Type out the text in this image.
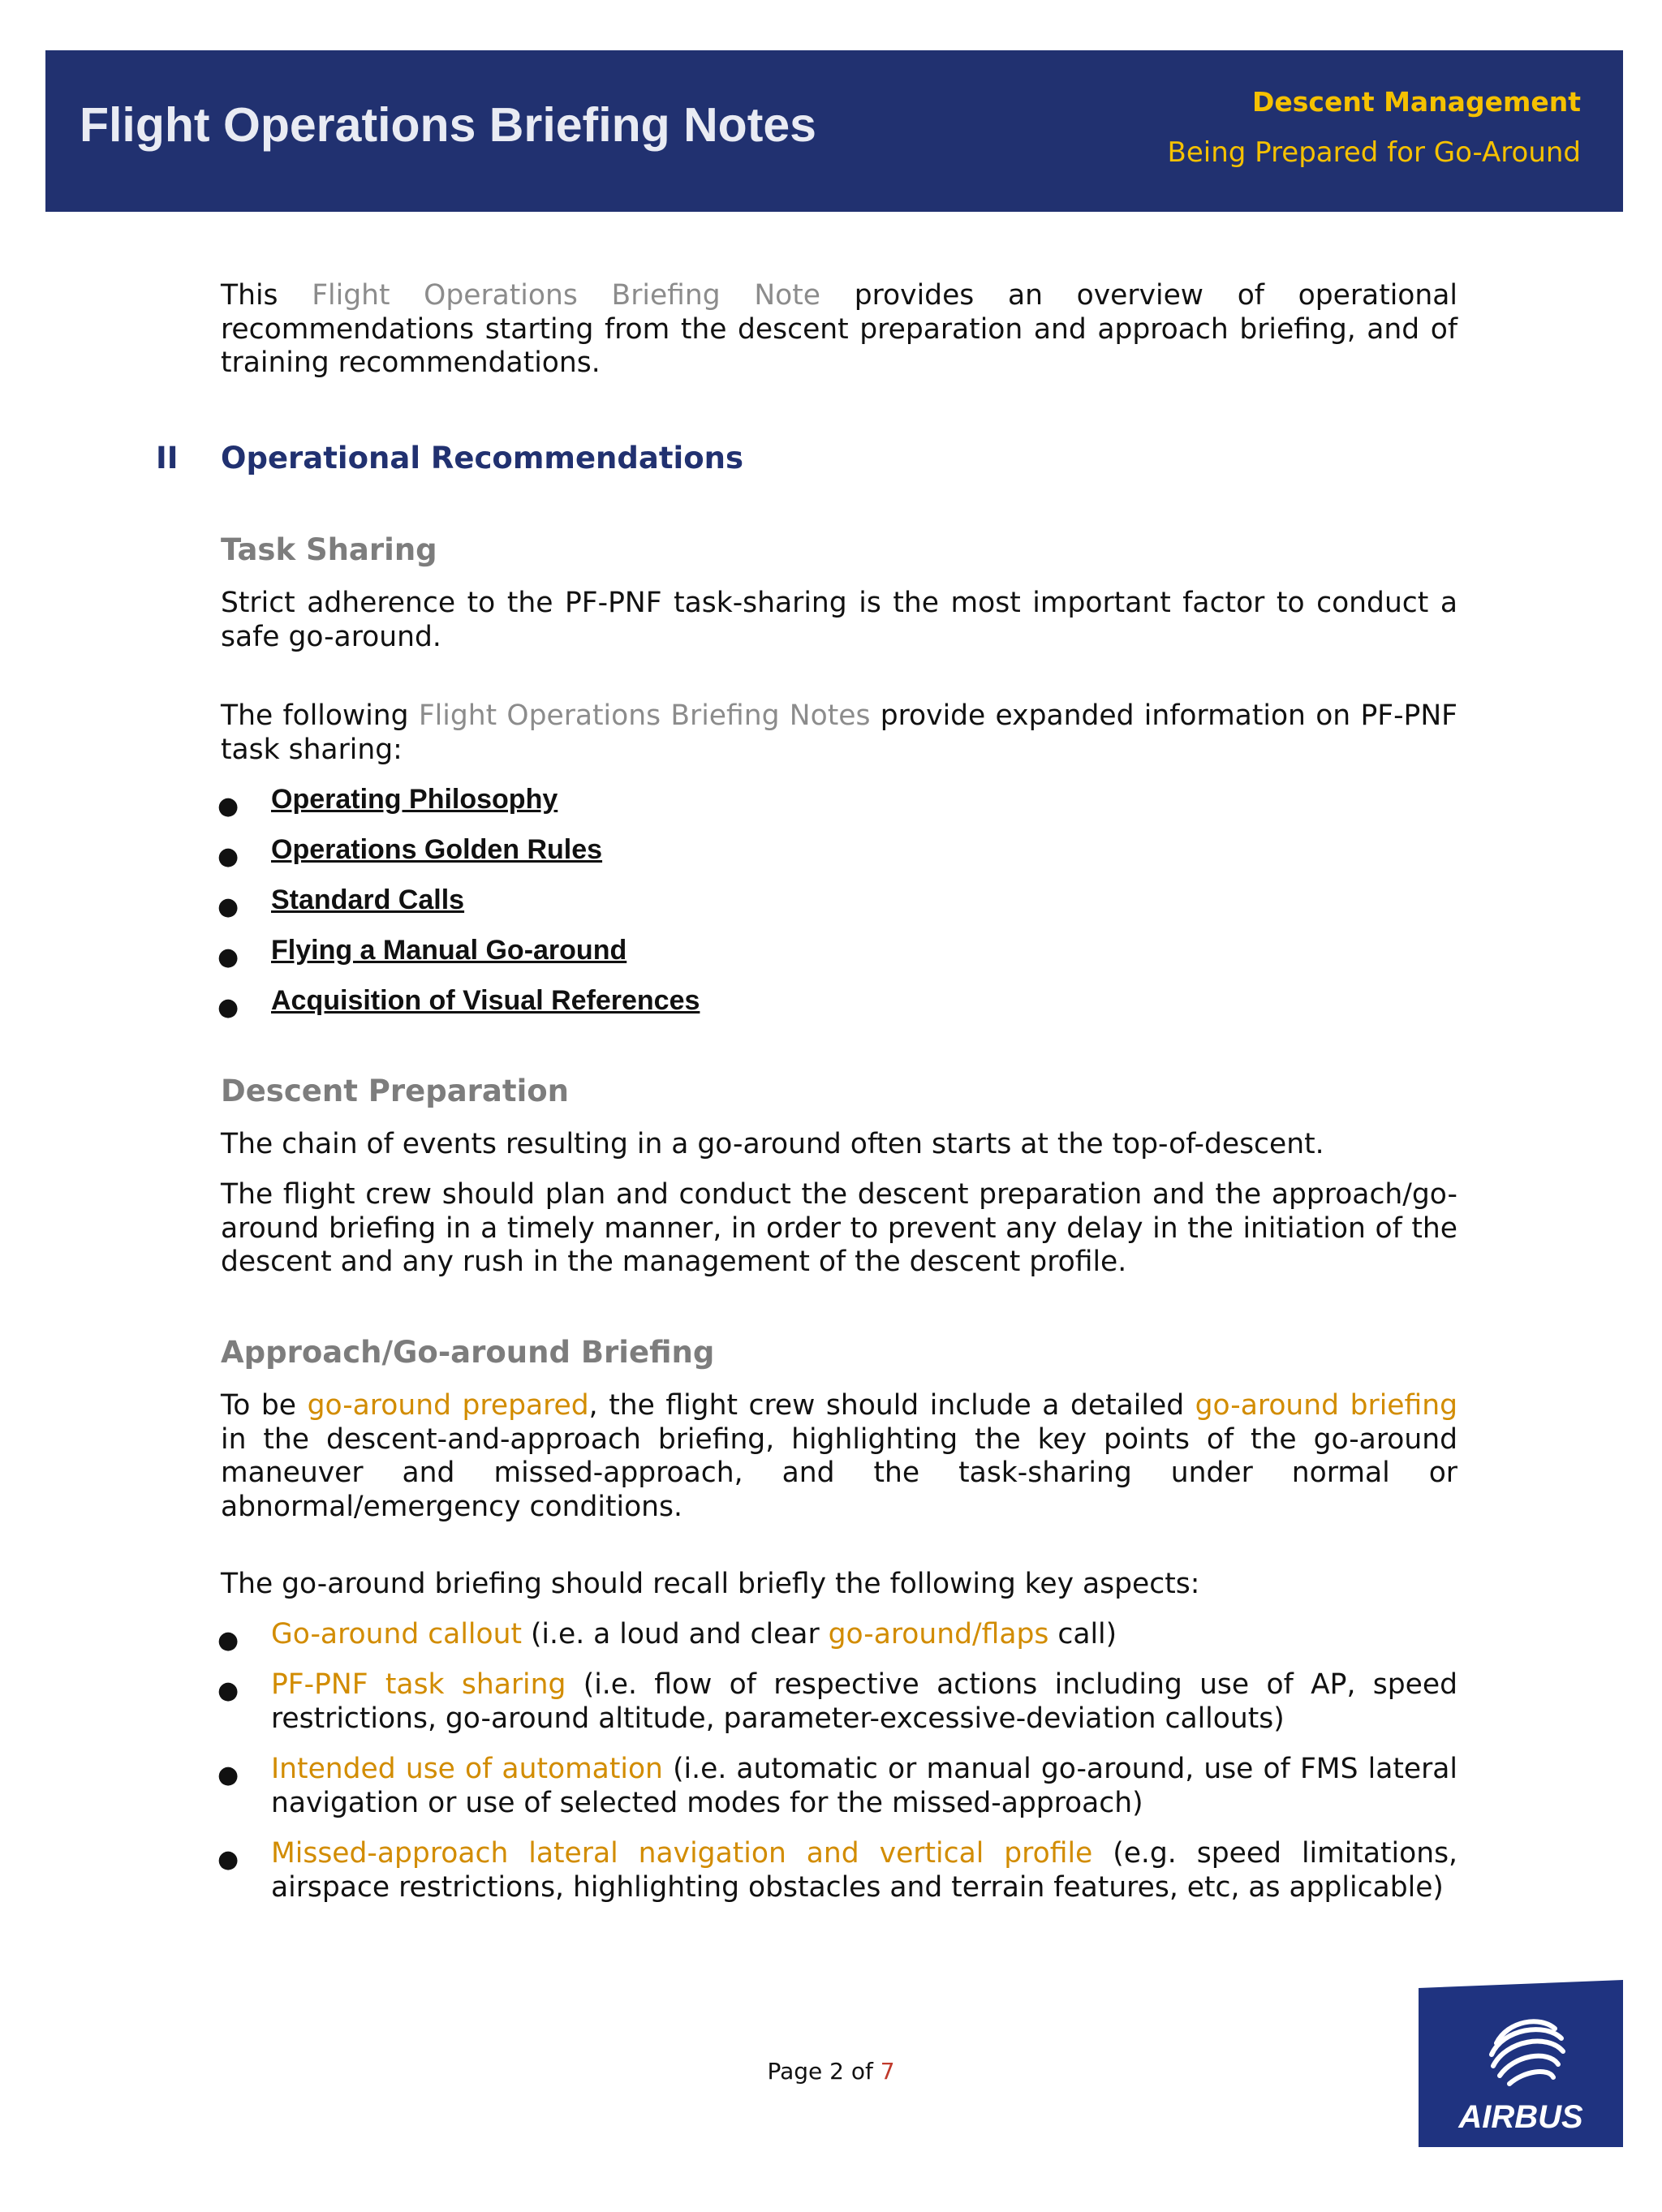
Flight Operations Briefing Notes	Descent Management
Being Prepared for Go-Around

This Flight Operations Briefing Note provides an overview of operational recommendations starting from the descent preparation and approach briefing, and of training recommendations.

II Operational Recommendations
Task Sharing

Strict adherence to the PF-PNF task-sharing is the most important factor to conduct a safe go-around.

The following Flight Operations Briefing Notes provide expanded information on PF-PNF task sharing:

● Operating Philosophy
● Operations Golden Rules
● Standard Calls
● Flying a Manual Go-around
● Acquisition of Visual References
Descent Preparation

The chain of events resulting in a go-around often starts at the top-of-descent.

The flight crew should plan and conduct the descent preparation and the approach/go-around briefing in a timely manner, in order to prevent any delay in the initiation of the descent and any rush in the management of the descent profile.

Approach/Go-around Briefing

To be go-around prepared, the flight crew should include a detailed go-around briefing in the descent-and-approach briefing, highlighting the key points of the go-around maneuver and missed-approach, and the task-sharing under normal or abnormal/emergency conditions.

The go-around briefing should recall briefly the following key aspects:

● Go-around callout (i.e. a loud and clear go-around/flaps call)

● PF-PNF task sharing (i.e. flow of respective actions including use of AP, speed restrictions, go-around altitude, parameter-excessive-deviation callouts)

● Intended use of automation (i.e. automatic or manual go-around, use of FMS lateral navigation or use of selected modes for the missed-approach)

● Missed-approach lateral navigation and vertical profile (e.g. speed limitations, airspace restrictions, highlighting obstacles and terrain features, etc, as applicable)

Page 2 of 7
AIRBUS
